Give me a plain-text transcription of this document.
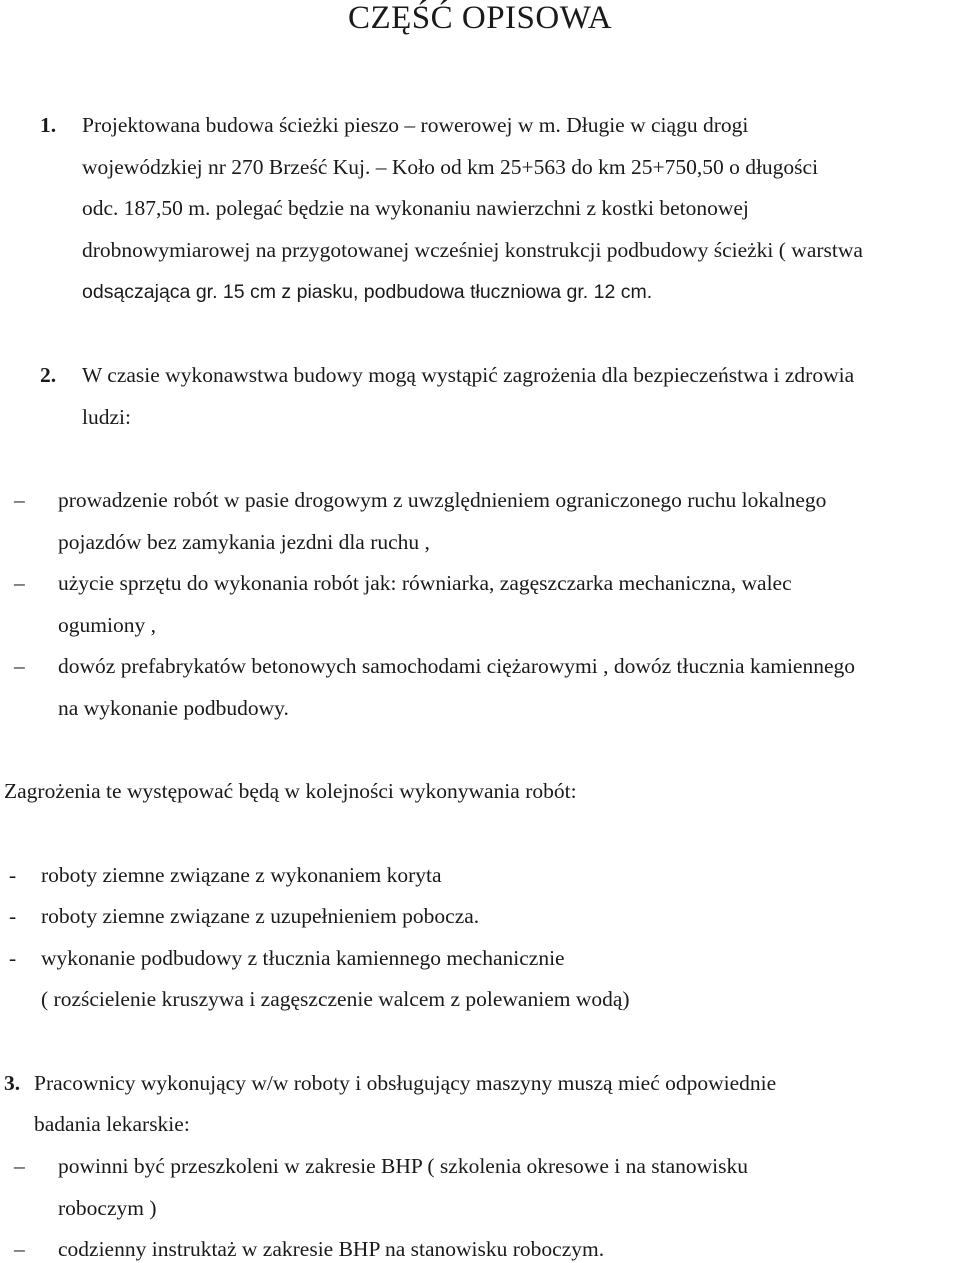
CZĘŚĆ OPISOWA
1. Projektowana budowa ścieżki pieszo – rowerowej w m. Długie w ciągu drogi
wojewódzkiej nr 270 Brześć Kuj. – Koło od km 25+563 do km 25+750,50 o długości
odc. 187,50 m. polegać będzie na wykonaniu nawierzchni z kostki betonowej
drobnowymiarowej na przygotowanej wcześniej konstrukcji podbudowy ścieżki ( warstwa
odsączająca gr. 15 cm z piasku, podbudowa tłuczniowa gr. 12 cm.
2. W czasie wykonawstwa budowy mogą wystąpić zagrożenia dla bezpieczeństwa i zdrowia
ludzi:
– prowadzenie robót w pasie drogowym z uwzględnieniem ograniczonego ruchu lokalnego
pojazdów bez zamykania jezdni dla ruchu ,
– użycie sprzętu do wykonania robót jak: równiarka, zagęszczarka mechaniczna, walec
ogumiony ,
– dowóz prefabrykatów betonowych samochodami ciężarowymi , dowóz tłucznia kamiennego
na wykonanie podbudowy.
Zagrożenia te występować będą w kolejności wykonywania robót:
- roboty ziemne związane z wykonaniem koryta
- roboty ziemne związane z uzupełnieniem pobocza.
- wykonanie podbudowy z tłucznia kamiennego mechanicznie
( rozścielenie kruszywa i zagęszczenie walcem z polewaniem wodą)
3. Pracownicy wykonujący w/w roboty i obsługujący maszyny muszą mieć odpowiednie
badania lekarskie:
– powinni być przeszkoleni w zakresie BHP ( szkolenia okresowe i na stanowisku
roboczym )
– codzienny instruktaż w zakresie BHP na stanowisku roboczym.
